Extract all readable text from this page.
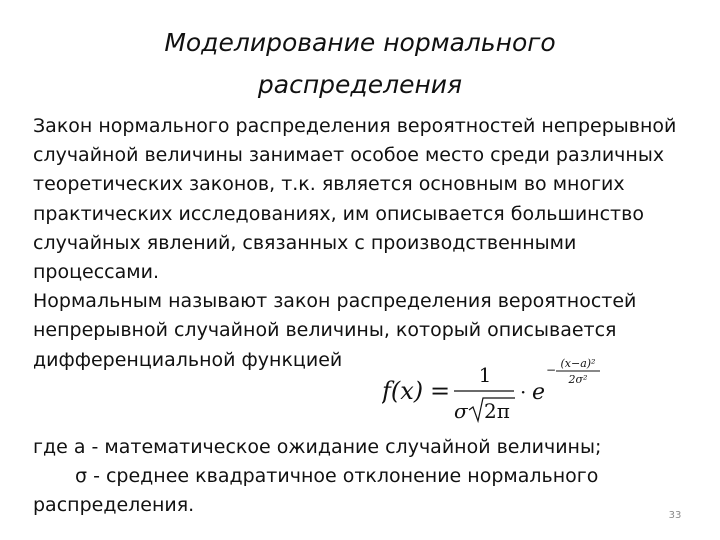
Моделирование нормального
распределения
Закон нормального распределения вероятностей непрерывной
случайной величины занимает особое место среди различных
теоретических законов, т.к. является основным во многих
практических исследованиях, им описывается большинство
случайных явлений, связанных с производственными
процессами.
Нормальным называют закон распределения вероятностей
непрерывной случайной величины, который описывается
дифференциальной функцией
f(x) =
1
σ 2π
· e
− (x−a)²
2σ²
где а - математическое ожидание случайной величины;
σ - среднее квадратичное отклонение нормального
распределения.	33
